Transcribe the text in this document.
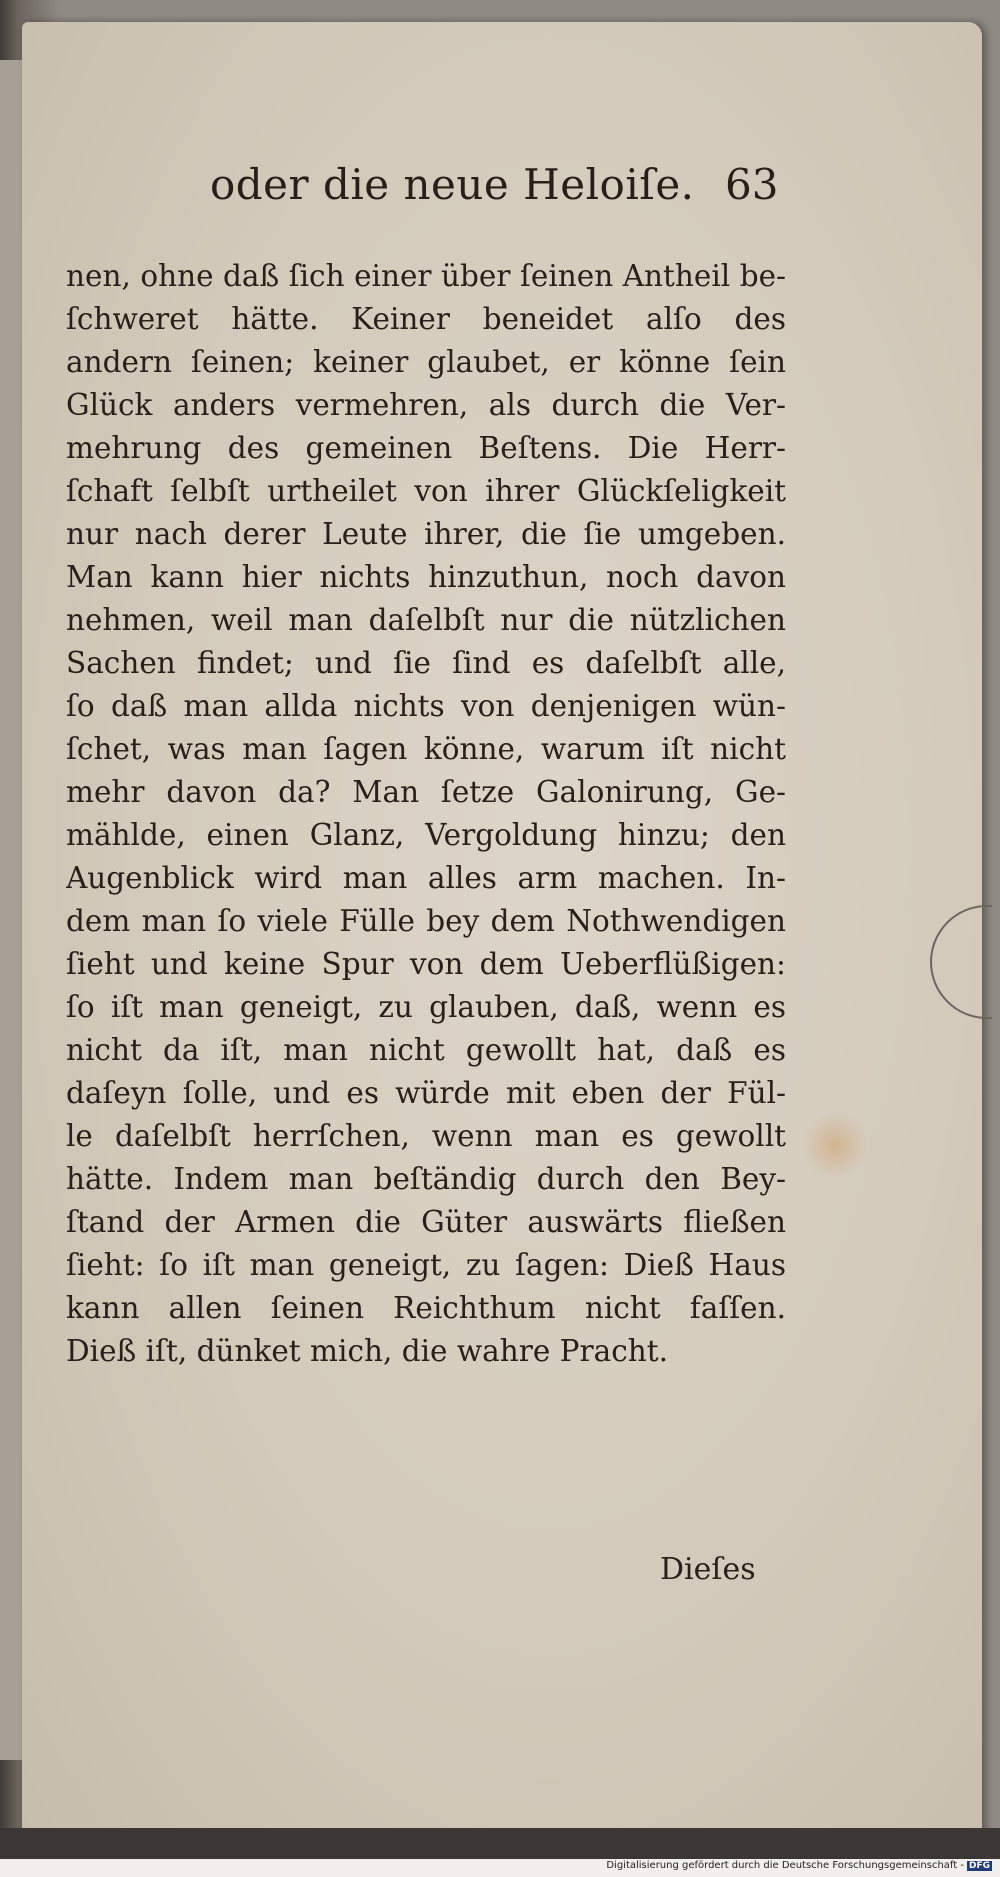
oder die neue Heloiſe. 63
nen, ohne daß ſich einer über ſeinen Antheil be-
ſchweret hätte. Keiner beneidet alſo des
andern ſeinen; keiner glaubet, er könne ſein
Glück anders vermehren, als durch die Ver-
mehrung des gemeinen Beſtens. Die Herr-
ſchaft ſelbſt urtheilet von ihrer Glückſeligkeit
nur nach derer Leute ihrer, die ſie umgeben.
Man kann hier nichts hinzuthun, noch davon
nehmen, weil man daſelbſt nur die nützlichen
Sachen findet; und ſie ſind es daſelbſt alle,
ſo daß man allda nichts von denjenigen wün-
ſchet, was man ſagen könne, warum iſt nicht
mehr davon da? Man ſetze Galonirung, Ge-
mählde, einen Glanz, Vergoldung hinzu; den
Augenblick wird man alles arm machen. In-
dem man ſo viele Fülle bey dem Nothwendigen
ſieht und keine Spur von dem Ueberflüßigen:
ſo iſt man geneigt, zu glauben, daß, wenn es
nicht da iſt, man nicht gewollt hat, daß es
daſeyn ſolle, und es würde mit eben der Fül-
le daſelbſt herrſchen, wenn man es gewollt
hätte. Indem man beſtändig durch den Bey-
ſtand der Armen die Güter auswärts fließen
ſieht: ſo iſt man geneigt, zu ſagen: Dieß Haus
kann allen ſeinen Reichthum nicht faſſen.
Dieß iſt, dünket mich, die wahre Pracht.
Dieſes
Digitalisierung gefördert durch die Deutsche Forschungsgemeinschaft - DFG
